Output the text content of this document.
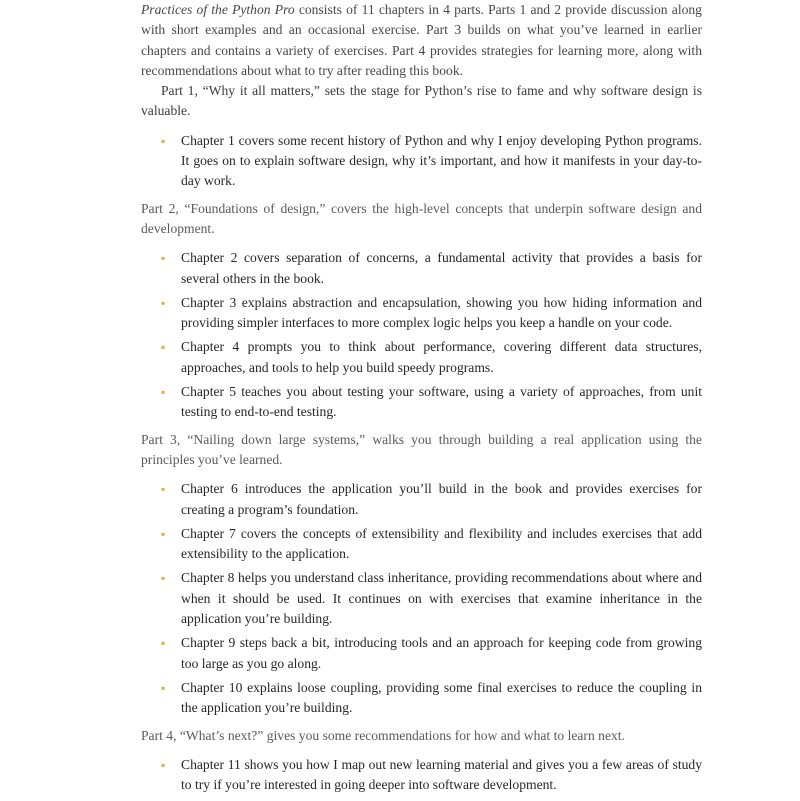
Practices of the Python Pro consists of 11 chapters in 4 parts. Parts 1 and 2 provide discussion along with short examples and an occasional exercise. Part 3 builds on what you’ve learned in earlier chapters and contains a variety of exercises. Part 4 provides strategies for learning more, along with recommendations about what to try after reading this book.

Part 1, “Why it all matters,” sets the stage for Python’s rise to fame and why software design is valuable.

▪	Chapter 1 covers some recent history of Python and why I enjoy developing Python programs. It goes on to explain software design, why it’s important, and how it manifests in your day-to-day work.

Part 2, “Foundations of design,” covers the high-level concepts that underpin software design and development.

▪	Chapter 2 covers separation of concerns, a fundamental activity that provides a basis for several others in the book.
▪	Chapter 3 explains abstraction and encapsulation, showing you how hiding information and providing simpler interfaces to more complex logic helps you keep a handle on your code.
▪	Chapter 4 prompts you to think about performance, covering different data structures, approaches, and tools to help you build speedy programs.
▪	Chapter 5 teaches you about testing your software, using a variety of approaches, from unit testing to end-to-end testing.

Part 3, “Nailing down large systems,” walks you through building a real application using the principles you’ve learned.

▪	Chapter 6 introduces the application you’ll build in the book and provides exercises for creating a program’s foundation.
▪	Chapter 7 covers the concepts of extensibility and flexibility and includes exercises that add extensibility to the application.
▪	Chapter 8 helps you understand class inheritance, providing recommendations about where and when it should be used. It continues on with exercises that examine inheritance in the application you’re building.
▪	Chapter 9 steps back a bit, introducing tools and an approach for keeping code from growing too large as you go along.
▪	Chapter 10 explains loose coupling, providing some final exercises to reduce the coupling in the application you’re building.

Part 4, “What’s next?” gives you some recommendations for how and what to learn next.

▪	Chapter 11 shows you how I map out new learning material and gives you a few areas of study to try if you’re interested in going deeper into software development.
